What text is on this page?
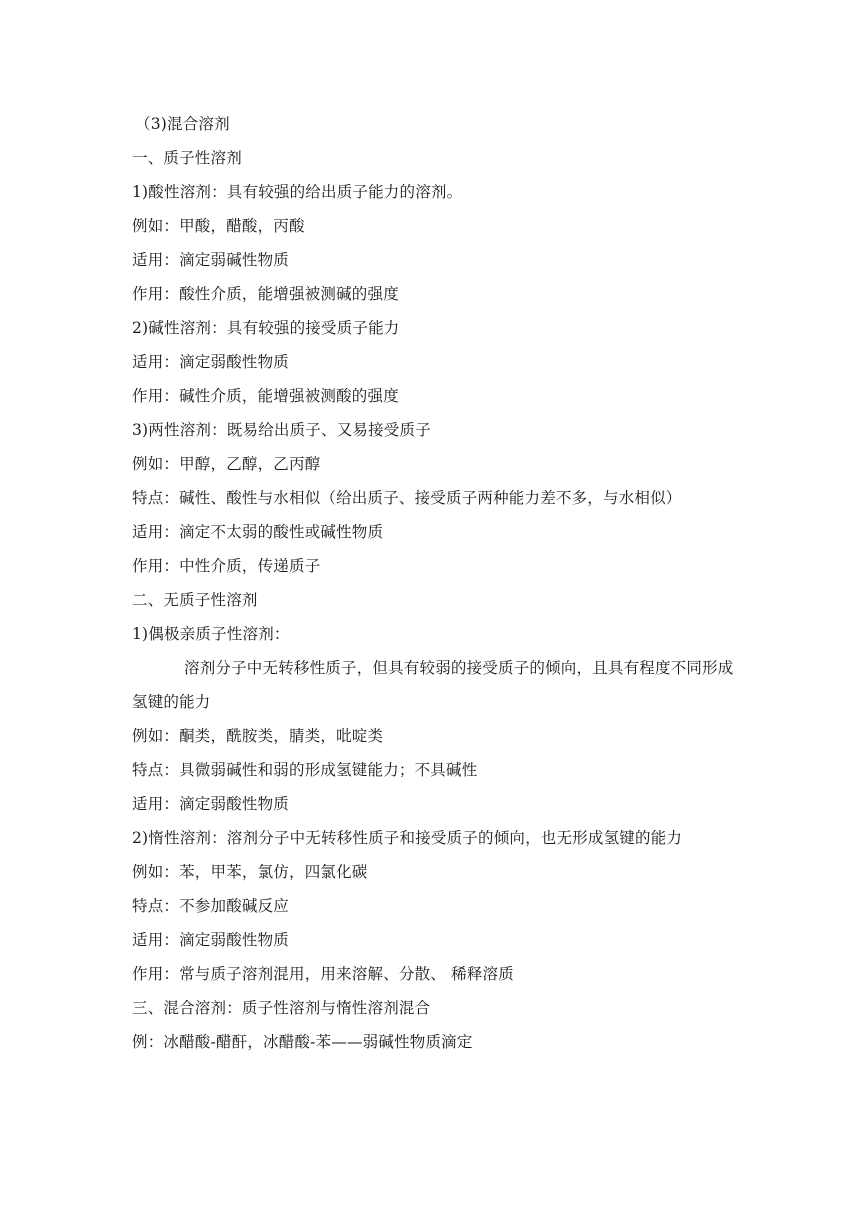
（3)混合溶剂
一、质子性溶剂
1)酸性溶剂：具有较强的给出质子能力的溶剂。
例如：甲酸，醋酸，丙酸
适用：滴定弱碱性物质
作用：酸性介质，能增强被测碱的强度
2)碱性溶剂：具有较强的接受质子能力
适用：滴定弱酸性物质
作用：碱性介质，能增强被测酸的强度
3)两性溶剂：既易给出质子、又易接受质子
例如：甲醇，乙醇，乙丙醇
特点：碱性、酸性与水相似（给出质子、接受质子两种能力差不多，与水相似）
适用：滴定不太弱的酸性或碱性物质
作用：中性介质，传递质子
二、无质子性溶剂
1)偶极亲质子性溶剂：
溶剂分子中无转移性质子，但具有较弱的接受质子的倾向，且具有程度不同形成氢键的能力
例如：酮类，酰胺类，腈类，吡啶类
特点：具微弱碱性和弱的形成氢键能力；不具碱性
适用：滴定弱酸性物质
2)惰性溶剂：溶剂分子中无转移性质子和接受质子的倾向，也无形成氢键的能力
例如：苯，甲苯，氯仿，四氯化碳
特点：不参加酸碱反应
适用：滴定弱酸性物质
作用：常与质子溶剂混用，用来溶解、分散、 稀释溶质
三、混合溶剂：质子性溶剂与惰性溶剂混合
例：冰醋酸-醋酐，冰醋酸-苯——弱碱性物质滴定
